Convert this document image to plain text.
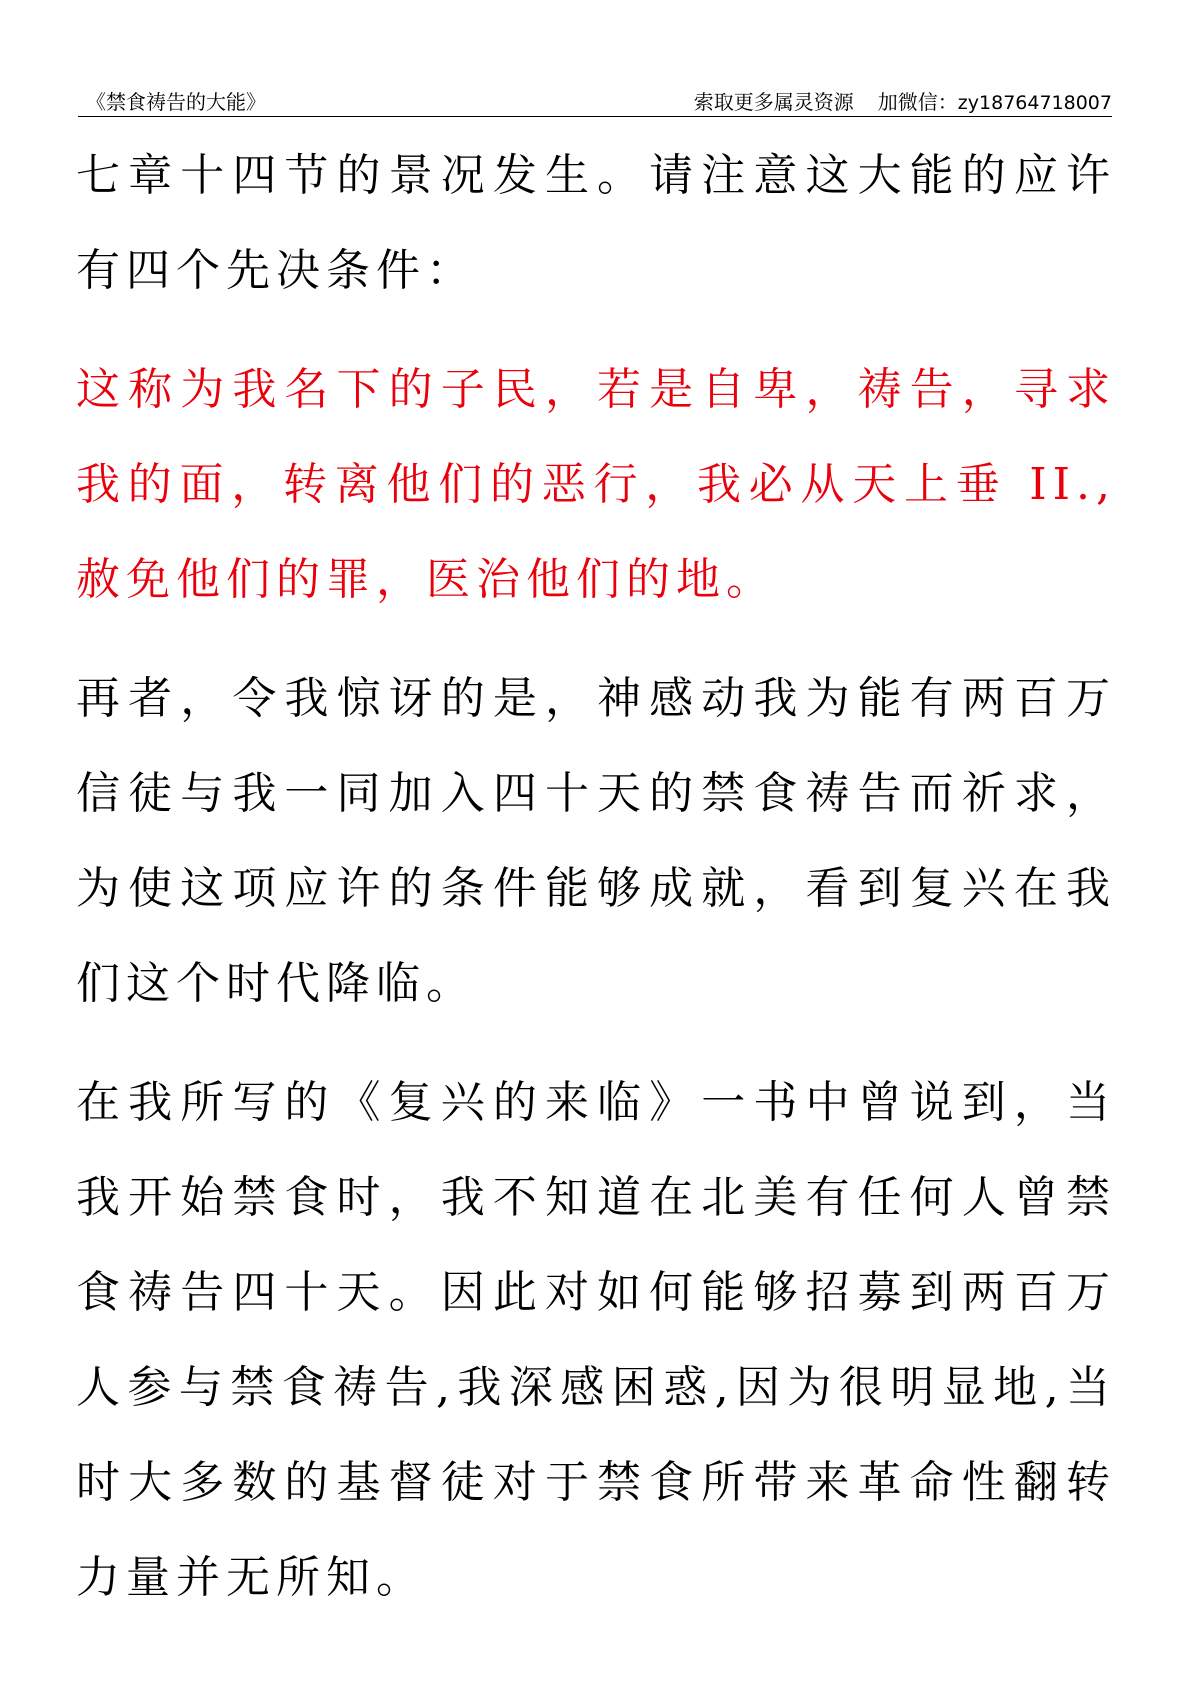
《禁食祷告的大能》	索取更多属灵资源 加微信：zy18764718007

七章十四节的景况发生。请注意这大能的应许有四个先决条件：

这称为我名下的子民，若是自卑，祷告，寻求我的面，转离他们的恶行，我必从天上垂 II.,赦免他们的罪，医治他们的地。

再者，令我惊讶的是，神感动我为能有两百万信徒与我一同加入四十天的禁食祷告而祈求，为使这项应许的条件能够成就，看到复兴在我们这个时代降临。

在我所写的《复兴的来临》一书中曾说到，当我开始禁食时，我不知道在北美有任何人曾禁食祷告四十天。因此对如何能够招募到两百万人参与禁食祷告,我深感困惑,因为很明显地,当时大多数的基督徒对于禁食所带来革命性翻转力量并无所知。
